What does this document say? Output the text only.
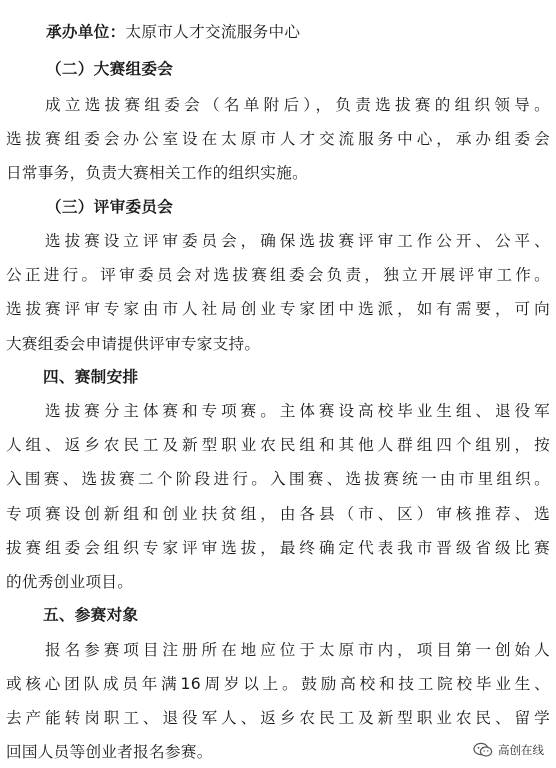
承办单位：太原市人才交流服务中心
（二）大赛组委会
成立选拔赛组委会（名单附后），负责选拔赛的组织领导。
选拔赛组委会办公室设在太原市人才交流服务中心，承办组委会
日常事务，负责大赛相关工作的组织实施。
（三）评审委员会
选拔赛设立评审委员会，确保选拔赛评审工作公开、公平、
公正进行。评审委员会对选拔赛组委会负责，独立开展评审工作。
选拔赛评审专家由市人社局创业专家团中选派，如有需要，可向
大赛组委会申请提供评审专家支持。
四、赛制安排
选拔赛分主体赛和专项赛。主体赛设高校毕业生组、退役军
人组、返乡农民工及新型职业农民组和其他人群组四个组别，按
入围赛、选拔赛二个阶段进行。入围赛、选拔赛统一由市里组织。
专项赛设创新组和创业扶贫组，由各县（市、区）审核推荐、选
拔赛组委会组织专家评审选拔，最终确定代表我市晋级省级比赛
的优秀创业项目。
五、参赛对象
报名参赛项目注册所在地应位于太原市内，项目第一创始人
或核心团队成员年满16周岁以上。鼓励高校和技工院校毕业生、
去产能转岗职工、退役军人、返乡农民工及新型职业农民、留学
回国人员等创业者报名参赛。	高创在线
